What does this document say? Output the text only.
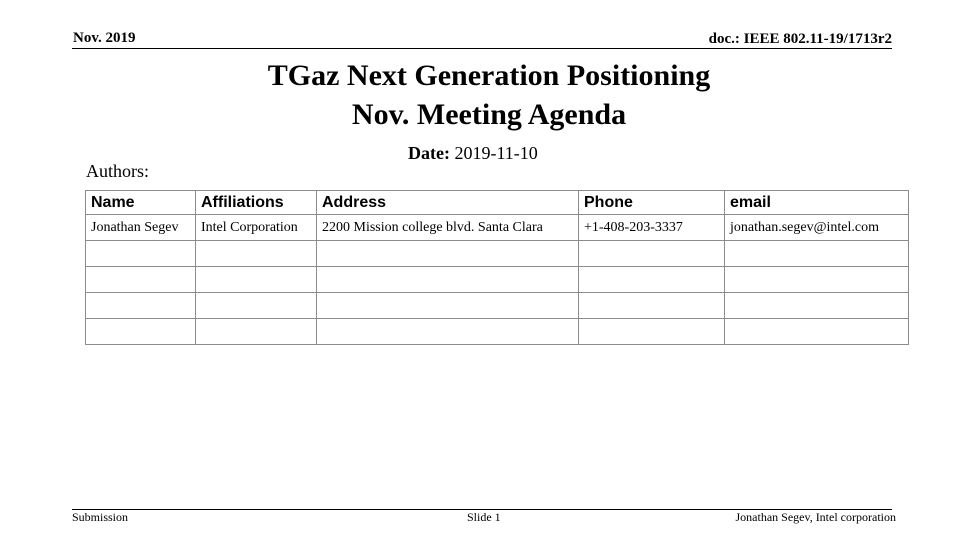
Nov. 2019	doc.: IEEE 802.11-19/1713r2
TGaz Next Generation Positioning
Nov. Meeting Agenda
Date: 2019-11-10
Authors:
Name	Affiliations	Address	Phone	email
Jonathan Segev	Intel Corporation	2200 Mission college blvd. Santa Clara	+1-408-203-3337	jonathan.segev@intel.com

Submission	Slide 1	Jonathan Segev, Intel corporation
